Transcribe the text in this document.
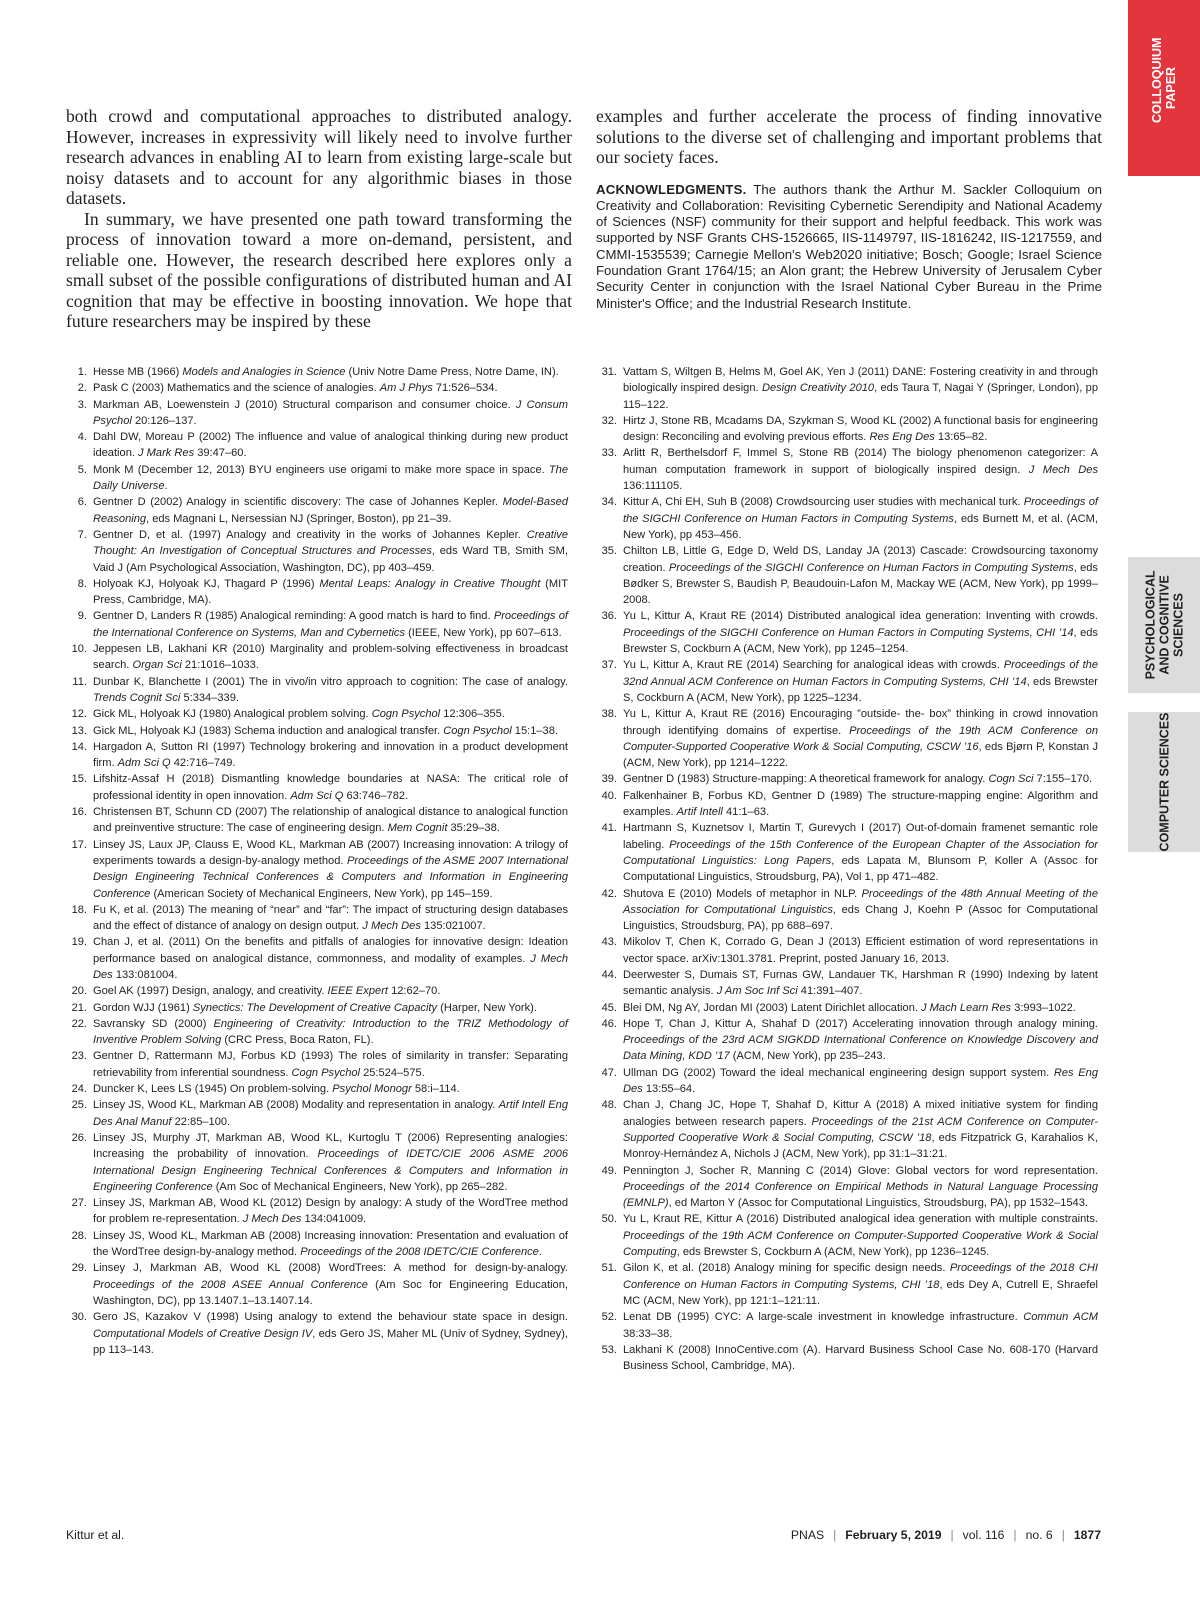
COLLOQUIUM PAPER
PSYCHOLOGICAL AND COGNITIVE SCIENCES
COMPUTER SCIENCES

both crowd and computational approaches to distributed analogy. However, increases in expressivity will likely need to involve further research advances in enabling AI to learn from existing large-scale but noisy datasets and to account for any algorithmic biases in those datasets.

In summary, we have presented one path toward transforming the process of innovation toward a more on-demand, persistent, and reliable one. However, the research described here explores only a small subset of the possible configurations of distributed human and AI cognition that may be effective in boosting innovation. We hope that future researchers may be inspired by these

examples and further accelerate the process of finding innovative solutions to the diverse set of challenging and important problems that our society faces.

ACKNOWLEDGMENTS. The authors thank the Arthur M. Sackler Colloquium on Creativity and Collaboration: Revisiting Cybernetic Serendipity and National Academy of Sciences (NSF) community for their support and helpful feedback. This work was supported by NSF Grants CHS-1526665, IIS-1149797, IIS-1816242, IIS-1217559, and CMMI-1535539; Carnegie Mellon's Web2020 initiative; Bosch; Google; Israel Science Foundation Grant 1764/15; an Alon grant; the Hebrew University of Jerusalem Cyber Security Center in conjunction with the Israel National Cyber Bureau in the Prime Minister's Office; and the Industrial Research Institute.

1. Hesse MB (1966) Models and Analogies in Science (Univ Notre Dame Press, Notre Dame, IN).
2. Pask C (2003) Mathematics and the science of analogies. Am J Phys 71:526–534.
3. Markman AB, Loewenstein J (2010) Structural comparison and consumer choice. J Consum Psychol 20:126–137.
4. Dahl DW, Moreau P (2002) The influence and value of analogical thinking during new product ideation. J Mark Res 39:47–60.
5. Monk M (December 12, 2013) BYU engineers use origami to make more space in space. The Daily Universe.
6. Gentner D (2002) Analogy in scientific discovery: The case of Johannes Kepler. Model-Based Reasoning, eds Magnani L, Nersessian NJ (Springer, Boston), pp 21–39.
7. Gentner D, et al. (1997) Analogy and creativity in the works of Johannes Kepler. Creative Thought: An Investigation of Conceptual Structures and Processes, eds Ward TB, Smith SM, Vaid J (Am Psychological Association, Washington, DC), pp 403–459.
8. Holyoak KJ, Holyoak KJ, Thagard P (1996) Mental Leaps: Analogy in Creative Thought (MIT Press, Cambridge, MA).
9. Gentner D, Landers R (1985) Analogical reminding: A good match is hard to find. Proceedings of the International Conference on Systems, Man and Cybernetics (IEEE, New York), pp 607–613.
10. Jeppesen LB, Lakhani KR (2010) Marginality and problem-solving effectiveness in broadcast search. Organ Sci 21:1016–1033.
11. Dunbar K, Blanchette I (2001) The in vivo/in vitro approach to cognition: The case of analogy. Trends Cognit Sci 5:334–339.
12. Gick ML, Holyoak KJ (1980) Analogical problem solving. Cogn Psychol 12:306–355.
13. Gick ML, Holyoak KJ (1983) Schema induction and analogical transfer. Cogn Psychol 15:1–38.
14. Hargadon A, Sutton RI (1997) Technology brokering and innovation in a product development firm. Adm Sci Q 42:716–749.
15. Lifshitz-Assaf H (2018) Dismantling knowledge boundaries at NASA: The critical role of professional identity in open innovation. Adm Sci Q 63:746–782.
16. Christensen BT, Schunn CD (2007) The relationship of analogical distance to analogical function and preinventive structure: The case of engineering design. Mem Cognit 35:29–38.
17. Linsey JS, Laux JP, Clauss E, Wood KL, Markman AB (2007) Increasing innovation: A trilogy of experiments towards a design-by-analogy method. Proceedings of the ASME 2007 International Design Engineering Technical Conferences & Computers and Information in Engineering Conference (American Society of Mechanical Engineers, New York), pp 145–159.
18. Fu K, et al. (2013) The meaning of “near” and “far”: The impact of structuring design databases and the effect of distance of analogy on design output. J Mech Des 135:021007.
19. Chan J, et al. (2011) On the benefits and pitfalls of analogies for innovative design: Ideation performance based on analogical distance, commonness, and modality of examples. J Mech Des 133:081004.
20. Goel AK (1997) Design, analogy, and creativity. IEEE Expert 12:62–70.
21. Gordon WJJ (1961) Synectics: The Development of Creative Capacity (Harper, New York).
22. Savransky SD (2000) Engineering of Creativity: Introduction to the TRIZ Methodology of Inventive Problem Solving (CRC Press, Boca Raton, FL).
23. Gentner D, Rattermann MJ, Forbus KD (1993) The roles of similarity in transfer: Separating retrievability from inferential soundness. Cogn Psychol 25:524–575.
24. Duncker K, Lees LS (1945) On problem-solving. Psychol Monogr 58:i–114.
25. Linsey JS, Wood KL, Markman AB (2008) Modality and representation in analogy. Artif Intell Eng Des Anal Manuf 22:85–100.
26. Linsey JS, Murphy JT, Markman AB, Wood KL, Kurtoglu T (2006) Representing analogies: Increasing the probability of innovation. Proceedings of IDETC/CIE 2006 ASME 2006 International Design Engineering Technical Conferences & Computers and Information in Engineering Conference (Am Soc of Mechanical Engineers, New York), pp 265–282.
27. Linsey JS, Markman AB, Wood KL (2012) Design by analogy: A study of the WordTree method for problem re-representation. J Mech Des 134:041009.
28. Linsey JS, Wood KL, Markman AB (2008) Increasing innovation: Presentation and evaluation of the WordTree design-by-analogy method. Proceedings of the 2008 IDETC/CIE Conference.
29. Linsey J, Markman AB, Wood KL (2008) WordTrees: A method for design-by-analogy. Proceedings of the 2008 ASEE Annual Conference (Am Soc for Engineering Education, Washington, DC), pp 13.1407.1–13.1407.14.
30. Gero JS, Kazakov V (1998) Using analogy to extend the behaviour state space in design. Computational Models of Creative Design IV, eds Gero JS, Maher ML (Univ of Sydney, Sydney), pp 113–143.
31. Vattam S, Wiltgen B, Helms M, Goel AK, Yen J (2011) DANE: Fostering creativity in and through biologically inspired design. Design Creativity 2010, eds Taura T, Nagai Y (Springer, London), pp 115–122.
32. Hirtz J, Stone RB, Mcadams DA, Szykman S, Wood KL (2002) A functional basis for engineering design: Reconciling and evolving previous efforts. Res Eng Des 13:65–82.
33. Arlitt R, Berthelsdorf F, Immel S, Stone RB (2014) The biology phenomenon categorizer: A human computation framework in support of biologically inspired design. J Mech Des 136:111105.
34. Kittur A, Chi EH, Suh B (2008) Crowdsourcing user studies with mechanical turk. Proceedings of the SIGCHI Conference on Human Factors in Computing Systems, eds Burnett M, et al. (ACM, New York), pp 453–456.
35. Chilton LB, Little G, Edge D, Weld DS, Landay JA (2013) Cascade: Crowdsourcing taxonomy creation. Proceedings of the SIGCHI Conference on Human Factors in Computing Systems, eds Bødker S, Brewster S, Baudish P, Beaudouin-Lafon M, Mackay WE (ACM, New York), pp 1999–2008.
36. Yu L, Kittur A, Kraut RE (2014) Distributed analogical idea generation: Inventing with crowds. Proceedings of the SIGCHI Conference on Human Factors in Computing Systems, CHI ’14, eds Brewster S, Cockburn A (ACM, New York), pp 1245–1254.
37. Yu L, Kittur A, Kraut RE (2014) Searching for analogical ideas with crowds. Proceedings of the 32nd Annual ACM Conference on Human Factors in Computing Systems, CHI ’14, eds Brewster S, Cockburn A (ACM, New York), pp 1225–1234.
38. Yu L, Kittur A, Kraut RE (2016) Encouraging ”outside- the- box” thinking in crowd innovation through identifying domains of expertise. Proceedings of the 19th ACM Conference on Computer-Supported Cooperative Work & Social Computing, CSCW ’16, eds Bjørn P, Konstan J (ACM, New York), pp 1214–1222.
39. Gentner D (1983) Structure-mapping: A theoretical framework for analogy. Cogn Sci 7:155–170.
40. Falkenhainer B, Forbus KD, Gentner D (1989) The structure-mapping engine: Algorithm and examples. Artif Intell 41:1–63.
41. Hartmann S, Kuznetsov I, Martin T, Gurevych I (2017) Out-of-domain framenet semantic role labeling. Proceedings of the 15th Conference of the European Chapter of the Association for Computational Linguistics: Long Papers, eds Lapata M, Blunsom P, Koller A (Assoc for Computational Linguistics, Stroudsburg, PA), Vol 1, pp 471–482.
42. Shutova E (2010) Models of metaphor in NLP. Proceedings of the 48th Annual Meeting of the Association for Computational Linguistics, eds Chang J, Koehn P (Assoc for Computational Linguistics, Stroudsburg, PA), pp 688–697.
43. Mikolov T, Chen K, Corrado G, Dean J (2013) Efficient estimation of word representations in vector space. arXiv:1301.3781. Preprint, posted January 16, 2013.
44. Deerwester S, Dumais ST, Furnas GW, Landauer TK, Harshman R (1990) Indexing by latent semantic analysis. J Am Soc Inf Sci 41:391–407.
45. Blei DM, Ng AY, Jordan MI (2003) Latent Dirichlet allocation. J Mach Learn Res 3:993–1022.
46. Hope T, Chan J, Kittur A, Shahaf D (2017) Accelerating innovation through analogy mining. Proceedings of the 23rd ACM SIGKDD International Conference on Knowledge Discovery and Data Mining, KDD ’17 (ACM, New York), pp 235–243.
47. Ullman DG (2002) Toward the ideal mechanical engineering design support system. Res Eng Des 13:55–64.
48. Chan J, Chang JC, Hope T, Shahaf D, Kittur A (2018) A mixed initiative system for finding analogies between research papers. Proceedings of the 21st ACM Conference on Computer-Supported Cooperative Work & Social Computing, CSCW ’18, eds Fitzpatrick G, Karahalios K, Monroy-Hernández A, Nichols J (ACM, New York), pp 31:1–31:21.
49. Pennington J, Socher R, Manning C (2014) Glove: Global vectors for word representation. Proceedings of the 2014 Conference on Empirical Methods in Natural Language Processing (EMNLP), ed Marton Y (Assoc for Computational Linguistics, Stroudsburg, PA), pp 1532–1543.
50. Yu L, Kraut RE, Kittur A (2016) Distributed analogical idea generation with multiple constraints. Proceedings of the 19th ACM Conference on Computer-Supported Cooperative Work & Social Computing, eds Brewster S, Cockburn A (ACM, New York), pp 1236–1245.
51. Gilon K, et al. (2018) Analogy mining for specific design needs. Proceedings of the 2018 CHI Conference on Human Factors in Computing Systems, CHI ’18, eds Dey A, Cutrell E, Shraefel MC (ACM, New York), pp 121:1–121:11.
52. Lenat DB (1995) CYC: A large-scale investment in knowledge infrastructure. Commun ACM 38:33–38.
53. Lakhani K (2008) InnoCentive.com (A). Harvard Business School Case No. 608-170 (Harvard Business School, Cambridge, MA).
Kittur et al.	PNAS | February 5, 2019 | vol. 116 | no. 6 | 1877
